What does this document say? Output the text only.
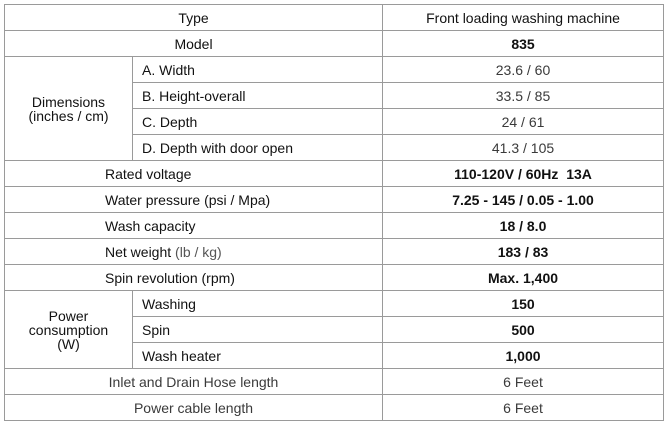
Type		Front loading washing machine
Model		835

Dimensions
(inches / cm)	A. Width	23.6 / 60
	B. Height-overall	33.5 / 85
	C. Depth	24 / 61
	D. Depth with door open	41.3 / 105
Rated voltage		110-120V / 60Hz  13A
Water pressure (psi / Mpa)		7.25 - 145 / 0.05 - 1.00
Wash capacity		18 / 8.0
Net weight (lb / kg)		183 / 83
Spin revolution (rpm)		Max. 1,400

Power
consumption
(W)	Washing	150
	Spin	500
	Wash heater	1,000
Inlet and Drain Hose length		6 Feet
Power cable length		6 Feet
